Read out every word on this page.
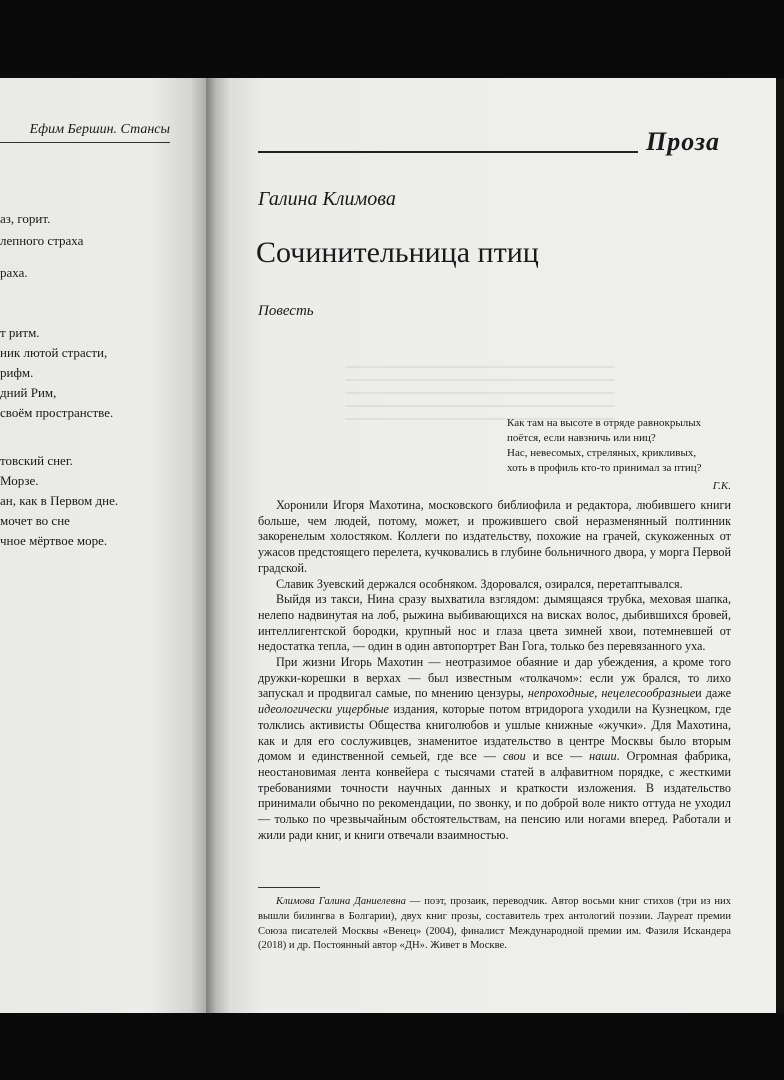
Ефим Бершин. Стансы
аз, горит.
лепного страха
раха.
т ритм.
ник лютой страсти,
рифм.
дний Рим,
своём пространстве.
товский снег.
Морзе.
ан, как в Первом дне.
мочет во сне
чное мёртвое море.
Проза
Галина Климова
Сочинительница птиц
Повесть
Как там на высоте в отряде равнокрылых
поётся, если навзничь или ниц?
Нас, невесомых, стреляных, крикливых,
хоть в профиль кто-то принимал за птиц?
Г.К.

Хоронили Игоря Махотина, московского библиофила и редактора, любившего книги больше, чем людей, потому, может, и прожившего свой неразменянный полтинник закоренелым холостяком. Коллеги по издательству, похожие на грачей, скукоженных от ужасов предстоящего перелета, кучковались в глубине больничного двора, у морга Первой градской.

Славик Зуевский держался особняком. Здоровался, озирался, перетаптывался.

Выйдя из такси, Нина сразу выхватила взглядом: дымящаяся трубка, меховая шапка, нелепо надвинутая на лоб, рыжина выбивающихся на висках волос, дыбившихся бровей, интеллигентской бородки, крупный нос и глаза цвета зимней хвои, потемневшей от недостатка тепла, — один в один автопортрет Ван Гога, только без перевязанного уха.

При жизни Игорь Махотин — неотразимое обаяние и дар убеждения, а кроме того дружки-корешки в верхах — был известным «толкачом»: если уж брался, то лихо запускал и продвигал самые, по мнению цензуры, непроходные, нецелесообразныеи даже идеологически ущербные издания, которые потом втридорога уходили на Кузнецком, где толклись активисты Общества книголюбов и ушлые книжные «жучки». Для Махотина, как и для его сослуживцев, знаменитое издательство в центре Москвы было вторым домом и единственной семьей, где все — свои и все — наши. Огромная фабрика, неостановимая лента конвейера с тысячами статей в алфавитном порядке, с жесткими требованиями точности научных данных и краткости изложения. В издательство принимали обычно по рекомендации, по звонку, и по доброй воле никто оттуда не уходил — только по чрезвычайным обстоятельствам, на пенсию или ногами вперед. Работали и жили ради книг, и книги отвечали взаимностью.

Климова Галина Даниелевна — поэт, прозаик, переводчик. Автор восьми книг стихов (три из них вышли билингва в Болгарии), двух книг прозы, составитель трех антологий поэзии. Лауреат премии Союза писателей Москвы «Венец» (2004), финалист Международной премии им. Фазиля Искандера (2018) и др. Постоянный автор «ДН». Живет в Москве.
